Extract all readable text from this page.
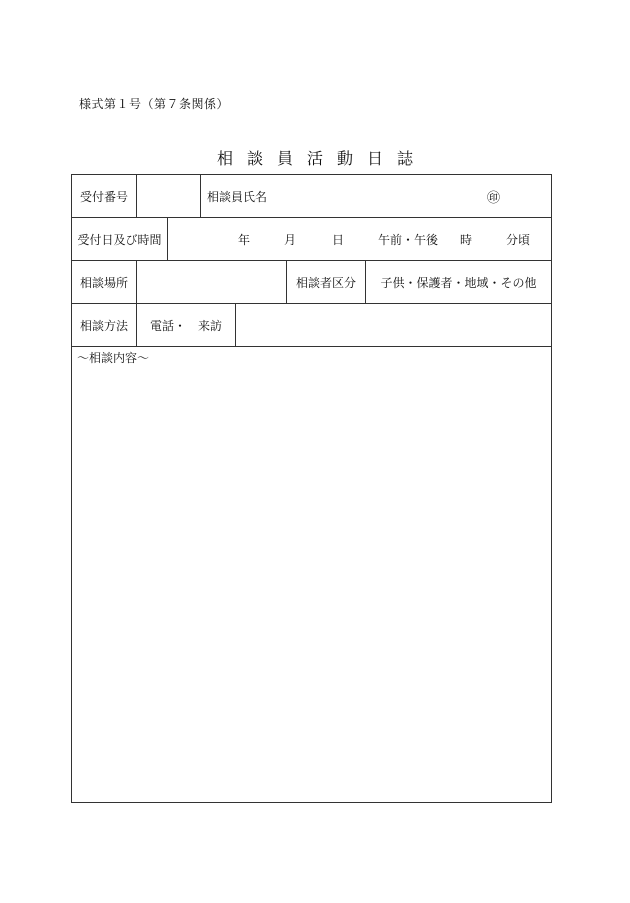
様式第１号（第７条関係）
相 談 員 活 動 日 誌
受付番号	相談員氏名	㊞
受付日及び時間	年	月	日	午前・午後 時	分頃
相談場所	相談者区分	子供・保護者・地域・その他
相談方法	電話・　来訪
～相談内容～
